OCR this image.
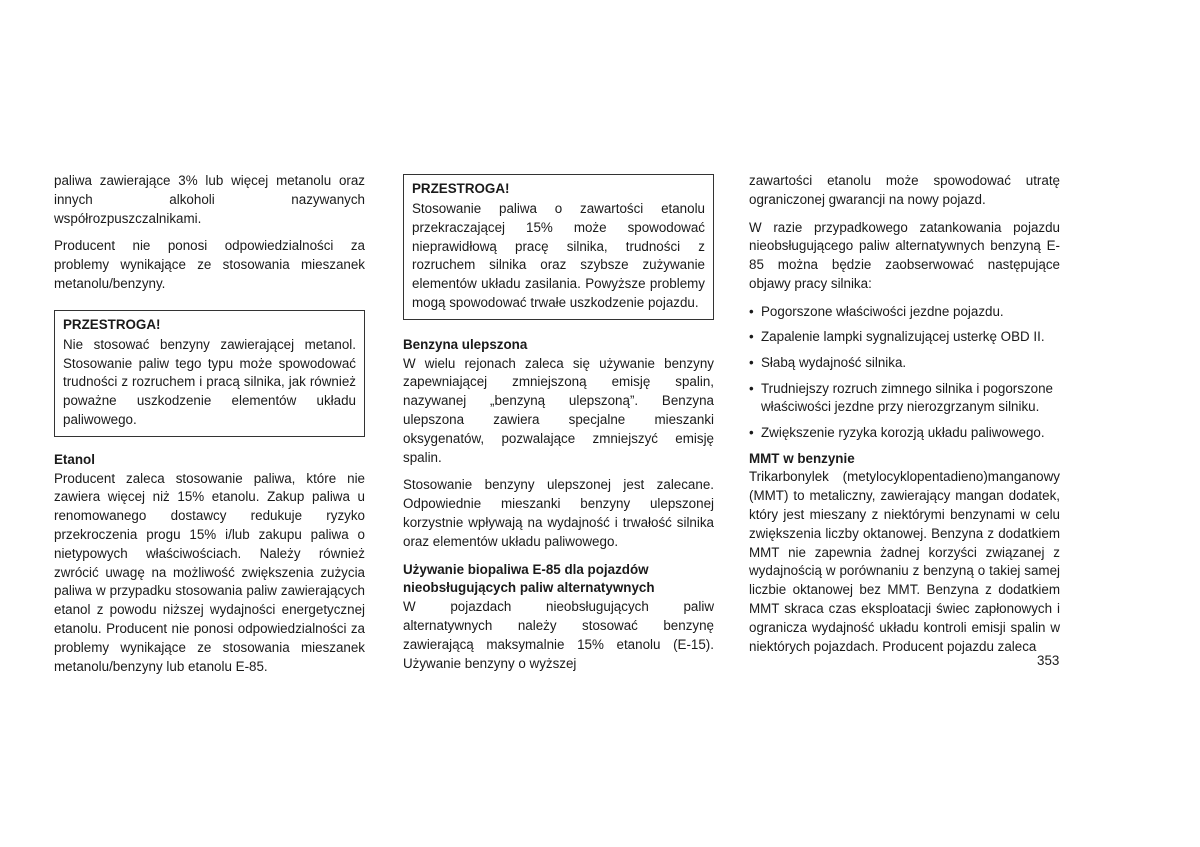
paliwa zawierające 3% lub więcej metanolu oraz innych alkoholi nazywanych współrozpuszczalnikami.

Producent nie ponosi odpowiedzialności za problemy wynikające ze stosowania mieszanek metanolu/benzyny.

PRZESTROGA!

Nie stosować benzyny zawierającej metanol. Stosowanie paliw tego typu może spowodować trudności z rozruchem i pracą silnika, jak również poważne uszkodzenie elementów układu paliwowego.

Etanol

Producent zaleca stosowanie paliwa, które nie zawiera więcej niż 15% etanolu. Zakup paliwa u renomowanego dostawcy redukuje ryzyko przekroczenia progu 15% i/lub zakupu paliwa o nietypowych właściwościach. Należy również zwrócić uwagę na możliwość zwiększenia zużycia paliwa w przypadku stosowania paliw zawierających etanol z powodu niższej wydajności energetycznej etanolu. Producent nie ponosi odpowiedzialności za problemy wynikające ze stosowania mieszanek metanolu/benzyny lub etanolu E-85.

PRZESTROGA!

Stosowanie paliwa o zawartości etanolu przekraczającej 15% może spowodować nieprawidłową pracę silnika, trudności z rozruchem silnika oraz szybsze zużywanie elementów układu zasilania. Powyższe problemy mogą spowodować trwałe uszkodzenie pojazdu.

Benzyna ulepszona

W wielu rejonach zaleca się używanie benzyny zapewniającej zmniejszoną emisję spalin, nazywanej „benzyną ulepszoną”. Benzyna ulepszona zawiera specjalne mieszanki oksygenatów, pozwalające zmniejszyć emisję spalin.

Stosowanie benzyny ulepszonej jest zalecane. Odpowiednie mieszanki benzyny ulepszonej korzystnie wpływają na wydajność i trwałość silnika oraz elementów układu paliwowego.

Używanie biopaliwa E-85 dla pojazdów nieobsługujących paliw alternatywnych

W pojazdach nieobsługujących paliw alternatywnych należy stosować benzynę zawierającą maksymalnie 15% etanolu (E-15). Używanie benzyny o wyższej

zawartości etanolu może spowodować utratę ograniczonej gwarancji na nowy pojazd.

W razie przypadkowego zatankowania pojazdu nieobsługującego paliw alternatywnych benzyną E-85 można będzie zaobserwować następujące objawy pracy silnika:

• Pogorszone właściwości jezdne pojazdu.
• Zapalenie lampki sygnalizującej usterkę OBD II.
• Słabą wydajność silnika.
• Trudniejszy rozruch zimnego silnika i pogorszone właściwości jezdne przy nierozgrzanym silniku.
• Zwiększenie ryzyka korozją układu paliwowego.
MMT w benzynie

Trikarbonylek (metylocyklopentadieno)manganowy (MMT) to metaliczny, zawierający mangan dodatek, który jest mieszany z niektórymi benzynami w celu zwiększenia liczby oktanowej. Benzyna z dodatkiem MMT nie zapewnia żadnej korzyści związanej z wydajnością w porównaniu z benzyną o takiej samej liczbie oktanowej bez MMT. Benzyna z dodatkiem MMT skraca czas eksploatacji świec zapłonowych i ogranicza wydajność układu kontroli emisji spalin w niektórych pojazdach. Producent pojazdu zaleca

353
